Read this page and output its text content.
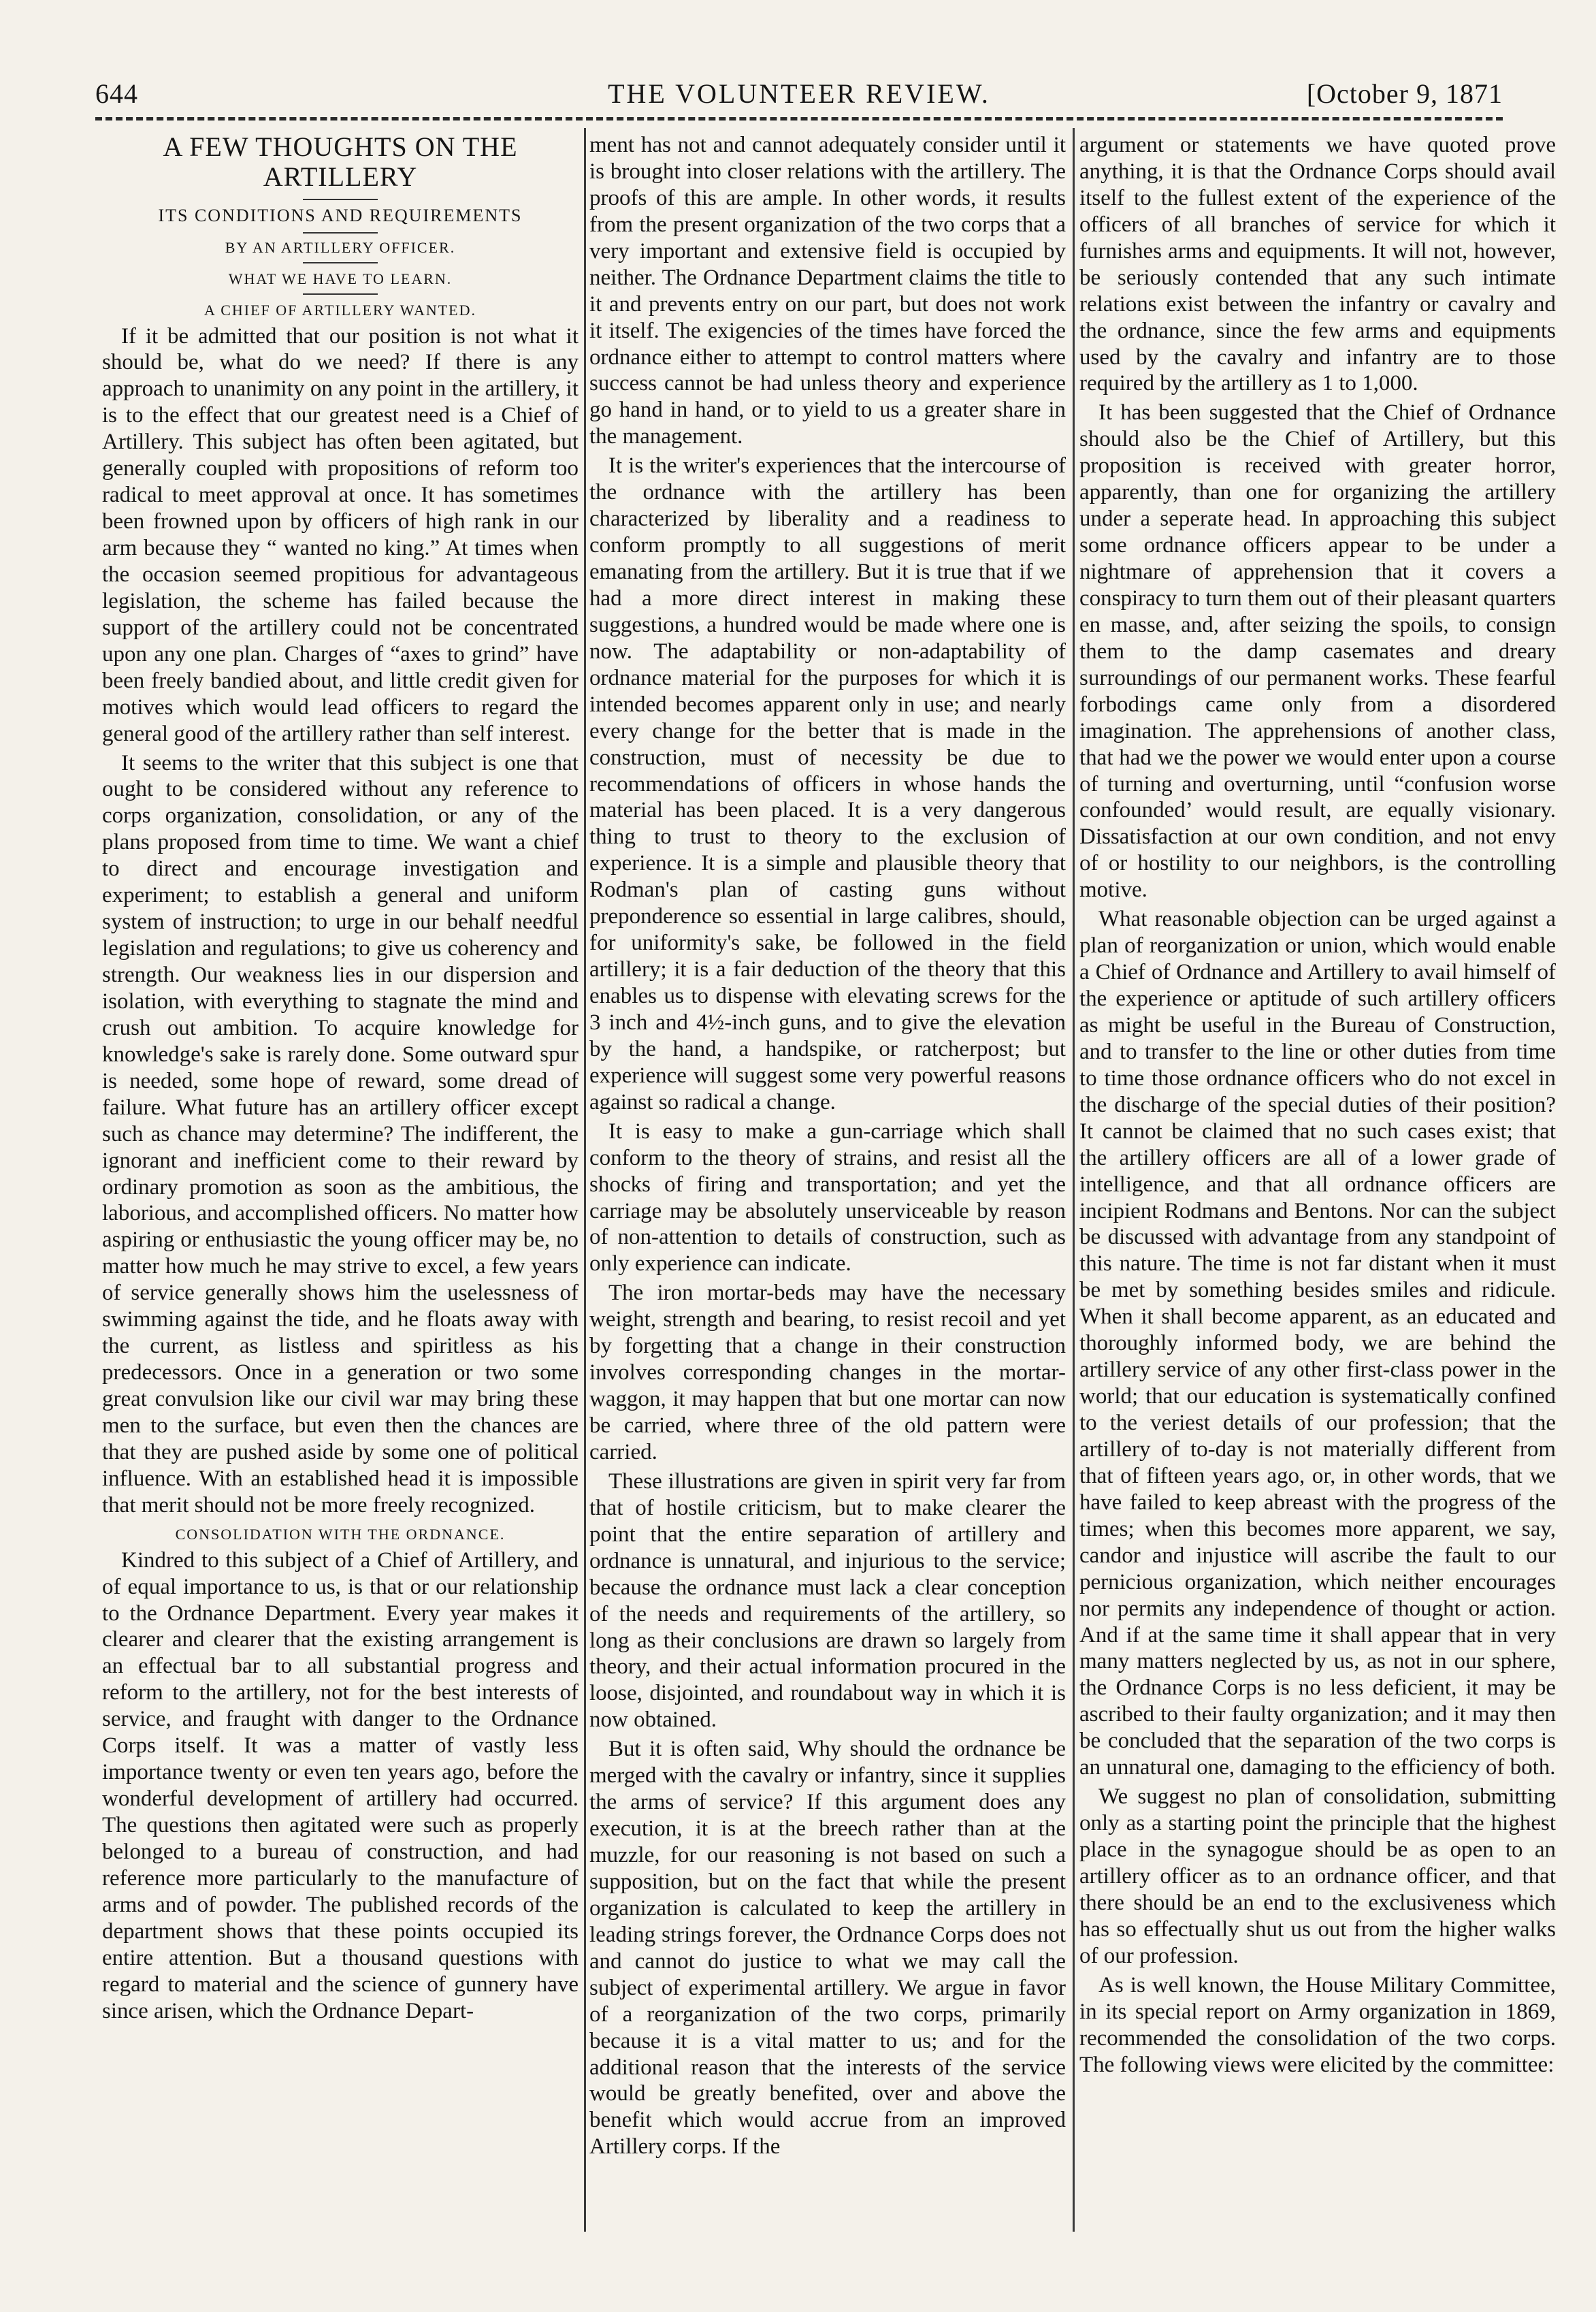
644	THE VOLUNTEER REVIEW.	[October 9, 1871
A FEW THOUGHTS ON THE ARTILLERY
ITS CONDITIONS AND REQUIREMENTS
BY AN ARTILLERY OFFICER.
WHAT WE HAVE TO LEARN.
A CHIEF OF ARTILLERY WANTED.

If it be admitted that our position is not what it should be, what do we need? If there is any approach to unanimity on any point in the artillery, it is to the effect that our greatest need is a Chief of Artillery. This subject has often been agitated, but generally coupled with propositions of reform too radical to meet approval at once. It has sometimes been frowned upon by officers of high rank in our arm because they “ wanted no king.” At times when the occasion seemed propitious for advantageous legislation, the scheme has failed because the support of the artillery could not be concentrated upon any one plan. Charges of “axes to grind” have been freely bandied about, and little credit given for motives which would lead officers to regard the general good of the artillery rather than self interest.

It seems to the writer that this subject is one that ought to be considered without any reference to corps organization, consolidation, or any of the plans proposed from time to time. We want a chief to direct and encourage investigation and experiment; to establish a general and uniform system of instruction; to urge in our behalf needful legislation and regulations; to give us coherency and strength. Our weakness lies in our dispersion and isolation, with everything to stagnate the mind and crush out ambition. To acquire knowledge for knowledge's sake is rarely done. Some outward spur is needed, some hope of reward, some dread of failure. What future has an artillery officer except such as chance may determine? The indifferent, the ignorant and inefficient come to their reward by ordinary promotion as soon as the ambitious, the laborious, and accomplished officers. No matter how aspiring or enthusiastic the young officer may be, no matter how much he may strive to excel, a few years of service generally shows him the uselessness of swimming against the tide, and he floats away with the current, as listless and spiritless as his predecessors. Once in a generation or two some great convulsion like our civil war may bring these men to the surface, but even then the chances are that they are pushed aside by some one of political influence. With an established head it is impossible that merit should not be more freely recognized.

CONSOLIDATION WITH THE ORDNANCE.

Kindred to this subject of a Chief of Artillery, and of equal importance to us, is that or our relationship to the Ordnance Department. Every year makes it clearer and clearer that the existing arrangement is an effectual bar to all substantial progress and reform to the artillery, not for the best interests of service, and fraught with danger to the Ordnance Corps itself. It was a matter of vastly less importance twenty or even ten years ago, before the wonderful development of artillery had occurred. The questions then agitated were such as properly belonged to a bureau of construction, and had reference more particularly to the manufacture of arms and of powder. The published records of the department shows that these points occupied its entire attention. But a thousand questions with regard to material and the science of gunnery have since arisen, which the Ordnance Depart-

ment has not and cannot adequately consider until it is brought into closer relations with the artillery. The proofs of this are ample. In other words, it results from the present organization of the two corps that a very important and extensive field is occupied by neither. The Ordnance Department claims the title to it and prevents entry on our part, but does not work it itself. The exigencies of the times have forced the ordnance either to attempt to control matters where success cannot be had unless theory and experience go hand in hand, or to yield to us a greater share in the management.

It is the writer's experiences that the intercourse of the ordnance with the artillery has been characterized by liberality and a readiness to conform promptly to all suggestions of merit emanating from the artillery. But it is true that if we had a more direct interest in making these suggestions, a hundred would be made where one is now. The adaptability or non-adaptability of ordnance material for the purposes for which it is intended becomes apparent only in use; and nearly every change for the better that is made in the construction, must of necessity be due to recommendations of officers in whose hands the material has been placed. It is a very dangerous thing to trust to theory to the exclusion of experience. It is a simple and plausible theory that Rodman's plan of casting guns without preponderence so essential in large calibres, should, for uniformity's sake, be followed in the field artillery; it is a fair deduction of the theory that this enables us to dispense with elevating screws for the 3 inch and 4½-inch guns, and to give the elevation by the hand, a handspike, or ratcherpost; but experience will suggest some very powerful reasons against so radical a change.

It is easy to make a gun-carriage which shall conform to the theory of strains, and resist all the shocks of firing and transportation; and yet the carriage may be absolutely unserviceable by reason of non-attention to details of construction, such as only experience can indicate.

The iron mortar-beds may have the necessary weight, strength and bearing, to resist recoil and yet by forgetting that a change in their construction involves corresponding changes in the mortar-waggon, it may happen that but one mortar can now be carried, where three of the old pattern were carried.

These illustrations are given in spirit very far from that of hostile criticism, but to make clearer the point that the entire separation of artillery and ordnance is unnatural, and injurious to the service; because the ordnance must lack a clear conception of the needs and requirements of the artillery, so long as their conclusions are drawn so largely from theory, and their actual information procured in the loose, disjointed, and roundabout way in which it is now obtained.

But it is often said, Why should the ordnance be merged with the cavalry or infantry, since it supplies the arms of service? If this argument does any execution, it is at the breech rather than at the muzzle, for our reasoning is not based on such a supposition, but on the fact that while the present organization is calculated to keep the artillery in leading strings forever, the Ordnance Corps does not and cannot do justice to what we may call the subject of experimental artillery. We argue in favor of a reorganization of the two corps, primarily because it is a vital matter to us; and for the additional reason that the interests of the service would be greatly benefited, over and above the benefit which would accrue from an improved Artillery corps. If the

argument or statements we have quoted prove anything, it is that the Ordnance Corps should avail itself to the fullest extent of the experience of the officers of all branches of service for which it furnishes arms and equipments. It will not, however, be seriously contended that any such intimate relations exist between the infantry or cavalry and the ordnance, since the few arms and equipments used by the cavalry and infantry are to those required by the artillery as 1 to 1,000.

It has been suggested that the Chief of Ordnance should also be the Chief of Artillery, but this proposition is received with greater horror, apparently, than one for organizing the artillery under a seperate head. In approaching this subject some ordnance officers appear to be under a nightmare of apprehension that it covers a conspiracy to turn them out of their pleasant quarters en masse, and, after seizing the spoils, to consign them to the damp casemates and dreary surroundings of our permanent works. These fearful forbodings came only from a disordered imagination. The apprehensions of another class, that had we the power we would enter upon a course of turning and overturning, until “confusion worse confounded’ would result, are equally visionary. Dissatisfaction at our own condition, and not envy of or hostility to our neighbors, is the controlling motive.

What reasonable objection can be urged against a plan of reorganization or union, which would enable a Chief of Ordnance and Artillery to avail himself of the experience or aptitude of such artillery officers as might be useful in the Bureau of Construction, and to transfer to the line or other duties from time to time those ordnance officers who do not excel in the discharge of the special duties of their position? It cannot be claimed that no such cases exist; that the artillery officers are all of a lower grade of intelligence, and that all ordnance officers are incipient Rodmans and Bentons. Nor can the subject be discussed with advantage from any standpoint of this nature. The time is not far distant when it must be met by something besides smiles and ridicule. When it shall become apparent, as an educated and thoroughly informed body, we are behind the artillery service of any other first-class power in the world; that our education is systematically confined to the veriest details of our profession; that the artillery of to-day is not materially different from that of fifteen years ago, or, in other words, that we have failed to keep abreast with the progress of the times; when this becomes more apparent, we say, candor and injustice will ascribe the fault to our pernicious organization, which neither encourages nor permits any independence of thought or action. And if at the same time it shall appear that in very many matters neglected by us, as not in our sphere, the Ordnance Corps is no less deficient, it may be ascribed to their faulty organization; and it may then be concluded that the separation of the two corps is an unnatural one, damaging to the efficiency of both.

We suggest no plan of consolidation, submitting only as a starting point the principle that the highest place in the synagogue should be as open to an artillery officer as to an ordnance officer, and that there should be an end to the exclusiveness which has so effectually shut us out from the higher walks of our profession.

As is well known, the House Military Committee, in its special report on Army organization in 1869, recommended the consolidation of the two corps. The following views were elicited by the committee:
